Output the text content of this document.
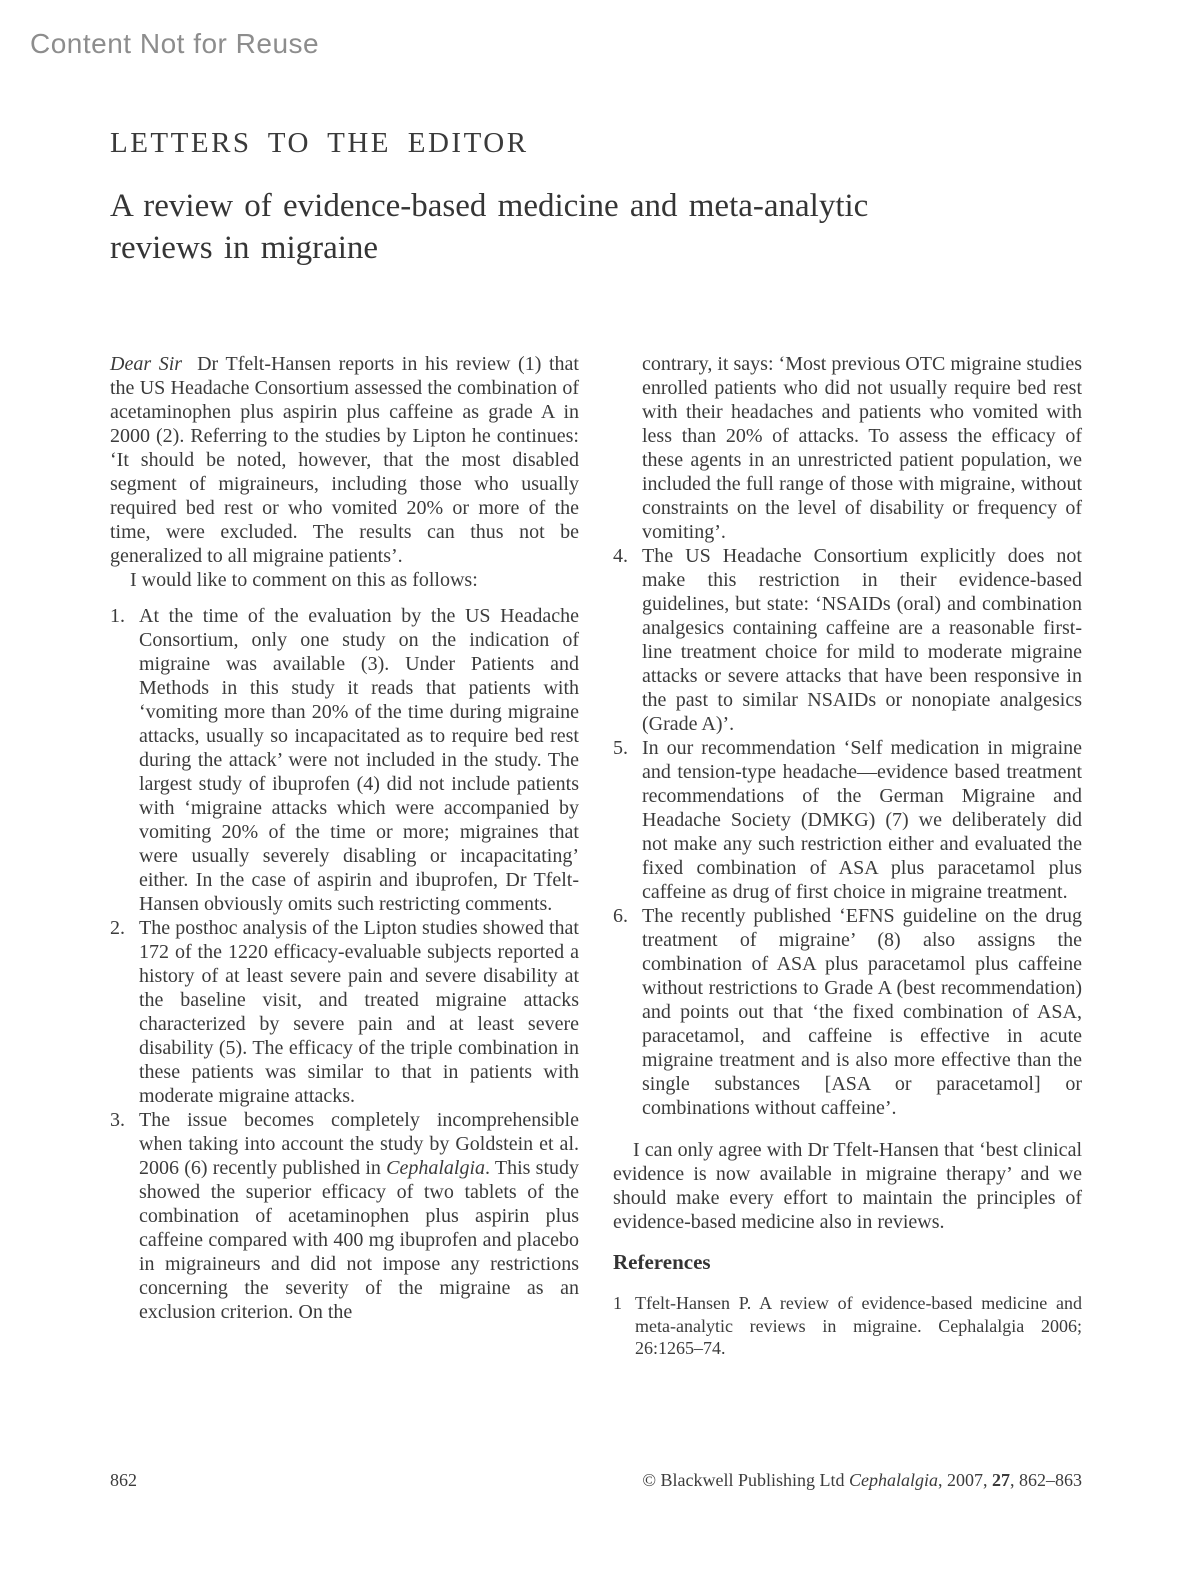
Content Not for Reuse
LETTERS TO THE EDITOR
A review of evidence-based medicine and meta-analytic
reviews in migraine

Dear Sir Dr Tfelt-Hansen reports in his review (1) that the US Headache Consortium assessed the combination of acetaminophen plus aspirin plus caffeine as grade A in 2000 (2). Referring to the studies by Lipton he continues: ‘It should be noted, however, that the most disabled segment of migraineurs, including those who usually required bed rest or who vomited 20% or more of the time, were excluded. The results can thus not be generalized to all migraine patients’.

I would like to comment on this as follows:

1. At the time of the evaluation by the US Headache Consortium, only one study on the indication of migraine was available (3). Under Patients and Methods in this study it reads that patients with ‘vomiting more than 20% of the time during migraine attacks, usually so incapacitated as to require bed rest during the attack’ were not included in the study. The largest study of ibuprofen (4) did not include patients with ‘migraine attacks which were accompanied by vomiting 20% of the time or more; migraines that were usually severely disabling or incapacitating’ either. In the case of aspirin and ibuprofen, Dr Tfelt-Hansen obviously omits such restricting comments.
2. The posthoc analysis of the Lipton studies showed that 172 of the 1220 efficacy-evaluable subjects reported a history of at least severe pain and severe disability at the baseline visit, and treated migraine attacks characterized by severe pain and at least severe disability (5). The efficacy of the triple combination in these patients was similar to that in patients with moderate migraine attacks.
3. The issue becomes completely incomprehensible when taking into account the study by Goldstein et al. 2006 (6) recently published in Cephalalgia. This study showed the superior efficacy of two tablets of the combination of acetaminophen plus aspirin plus caffeine compared with 400 mg ibuprofen and placebo in migraineurs and did not impose any restrictions concerning the severity of the migraine as an exclusion criterion. On the
contrary, it says: ‘Most previous OTC migraine studies enrolled patients who did not usually require bed rest with their headaches and patients who vomited with less than 20% of attacks. To assess the efficacy of these agents in an unrestricted patient population, we included the full range of those with migraine, without constraints on the level of disability or frequency of vomiting’.
4. The US Headache Consortium explicitly does not make this restriction in their evidence-based guidelines, but state: ‘NSAIDs (oral) and combination analgesics containing caffeine are a reasonable first-line treatment choice for mild to moderate migraine attacks or severe attacks that have been responsive in the past to similar NSAIDs or nonopiate analgesics (Grade A)’.
5. In our recommendation ‘Self medication in migraine and tension-type headache—evidence based treatment recommendations of the German Migraine and Headache Society (DMKG) (7) we deliberately did not make any such restriction either and evaluated the fixed combination of ASA plus paracetamol plus caffeine as drug of first choice in migraine treatment.
6. The recently published ‘EFNS guideline on the drug treatment of migraine’ (8) also assigns the combination of ASA plus paracetamol plus caffeine without restrictions to Grade A (best recommendation) and points out that ‘the fixed combination of ASA, paracetamol, and caffeine is effective in acute migraine treatment and is also more effective than the single substances [ASA or paracetamol] or combinations without caffeine’.

I can only agree with Dr Tfelt-Hansen that ‘best clinical evidence is now available in migraine therapy’ and we should make every effort to maintain the principles of evidence-based medicine also in reviews.

References
1 Tfelt-Hansen P. A review of evidence-based medicine and meta-analytic reviews in migraine. Cephalalgia 2006; 26:1265–74.
862	© Blackwell Publishing Ltd Cephalalgia, 2007, 27, 862–863
